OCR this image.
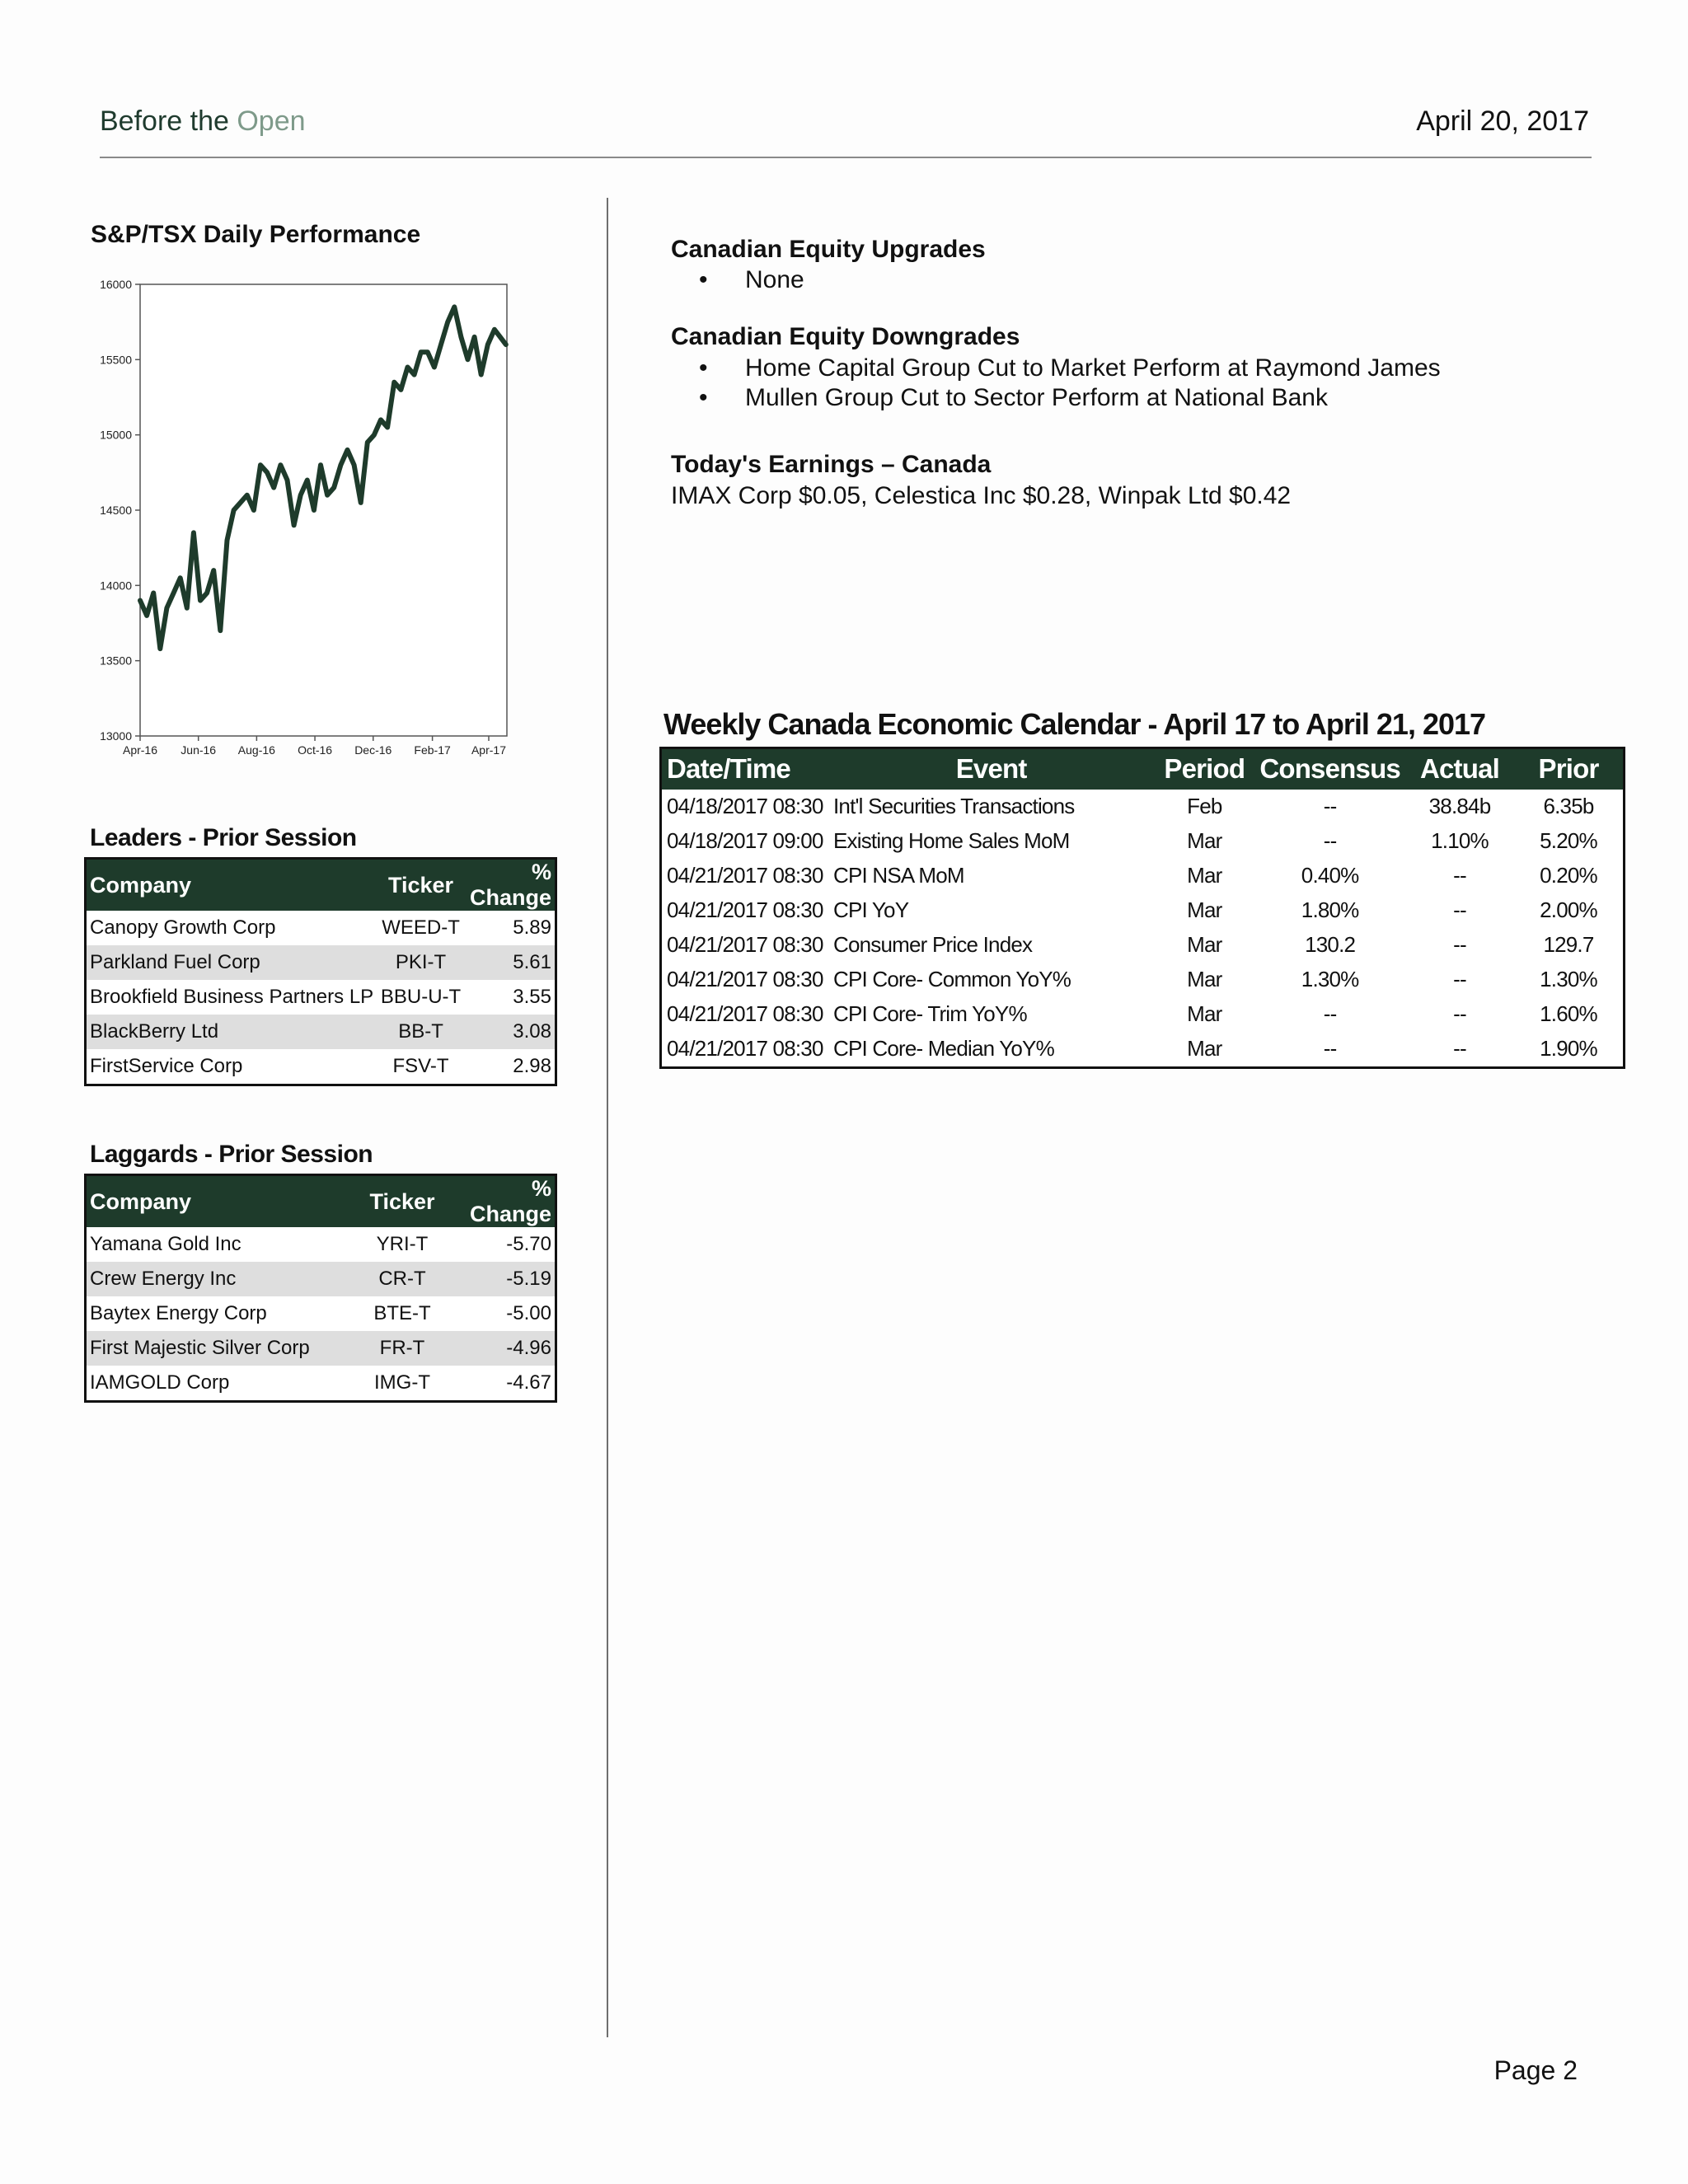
Before the Open	April 20, 2017
S&P/TSX Daily Performance
16000
15500
15000
14500
14000
13500
13000
Apr-16 Jun-16 Aug-16 Oct-16 Dec-16 Feb-17 Apr-17
Leaders - Prior Session
Company	Ticker	% Change
Canopy Growth Corp	WEED-T	5.89
Parkland Fuel Corp	PKI-T	5.61
Brookfield Business Partners LP	BBU-U-T	3.55
BlackBerry Ltd	BB-T	3.08
FirstService Corp	FSV-T	2.98
Laggards - Prior Session
Company	Ticker	% Change
Yamana Gold Inc	YRI-T	-5.70
Crew Energy Inc	CR-T	-5.19
Baytex Energy Corp	BTE-T	-5.00
First Majestic Silver Corp	FR-T	-4.96
IAMGOLD Corp	IMG-T	-4.67
Canadian Equity Upgrades
• None
Canadian Equity Downgrades
• Home Capital Group Cut to Market Perform at Raymond James
• Mullen Group Cut to Sector Perform at National Bank
Today's Earnings – Canada
IMAX Corp $0.05, Celestica Inc $0.28, Winpak Ltd $0.42
Weekly Canada Economic Calendar - April 17 to April 21, 2017
Date/Time	Event	Period	Consensus	Actual	Prior
04/18/2017 08:30	Int'l Securities Transactions	Feb	--	38.84b	6.35b
04/18/2017 09:00	Existing Home Sales MoM	Mar	--	1.10%	5.20%
04/21/2017 08:30	CPI NSA MoM	Mar	0.40%	--	0.20%
04/21/2017 08:30	CPI YoY	Mar	1.80%	--	2.00%
04/21/2017 08:30	Consumer Price Index	Mar	130.2	--	129.7
04/21/2017 08:30	CPI Core- Common YoY%	Mar	1.30%	--	1.30%
04/21/2017 08:30	CPI Core- Trim YoY%	Mar	--	--	1.60%
04/21/2017 08:30	CPI Core- Median YoY%	Mar	--	--	1.90%
Page 2
